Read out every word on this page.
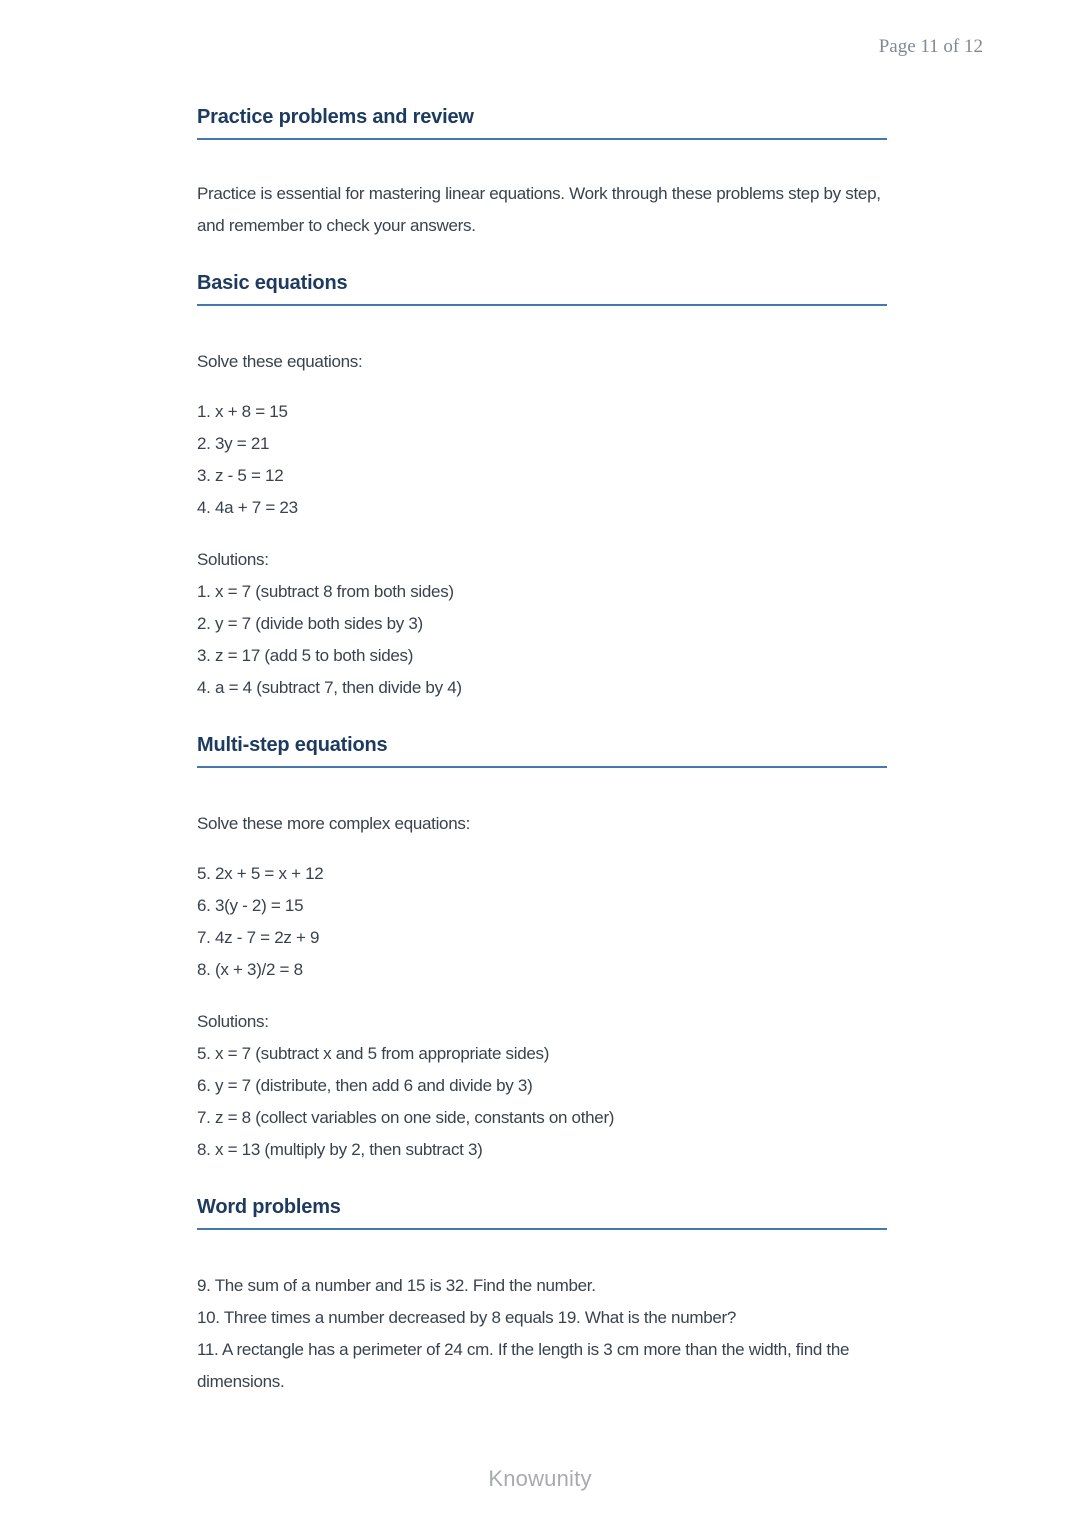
Page 11 of 12
Practice problems and review

Practice is essential for mastering linear equations. Work through these problems step by step, and remember to check your answers.

Basic equations

Solve these equations:

1. x + 8 = 15
2. 3y = 21
3. z - 5 = 12
4. 4a + 7 = 23
Solutions:
1. x = 7 (subtract 8 from both sides)
2. y = 7 (divide both sides by 3)
3. z = 17 (add 5 to both sides)
4. a = 4 (subtract 7, then divide by 4)
Multi-step equations

Solve these more complex equations:

5. 2x + 5 = x + 12
6. 3(y - 2) = 15
7. 4z - 7 = 2z + 9
8. (x + 3)/2 = 8
Solutions:
5. x = 7 (subtract x and 5 from appropriate sides)
6. y = 7 (distribute, then add 6 and divide by 3)
7. z = 8 (collect variables on one side, constants on other)
8. x = 13 (multiply by 2, then subtract 3)
Word problems
9. The sum of a number and 15 is 32. Find the number.
10. Three times a number decreased by 8 equals 19. What is the number?
11. A rectangle has a perimeter of 24 cm. If the length is 3 cm more than the width, find the dimensions.
Knowunity
